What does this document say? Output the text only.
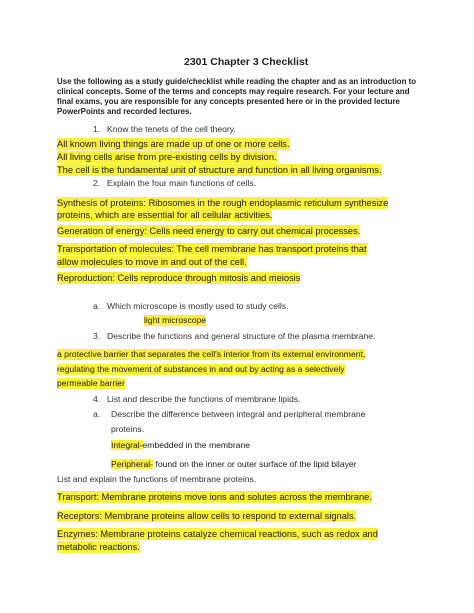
2301 Chapter 3 Checklist
Use the following as a study guide/checklist while reading the chapter and as an introduction to
clinical concepts. Some of the terms and concepts may require research. For your lecture and
final exams, you are responsible for any concepts presented here or in the provided lecture
PowerPoints and recorded lectures.
1. Know the tenets of the cell theory.
All known living things are made up of one or more cells.
All living cells arise from pre-existing cells by division.
The cell is the fundamental unit of structure and function in all living organisms.
2. Explain the four main functions of cells.
Synthesis of proteins: Ribosomes in the rough endoplasmic reticulum synthesize
proteins, which are essential for all cellular activities.
Generation of energy: Cells need energy to carry out chemical processes.
Transportation of molecules: The cell membrane has transport proteins that
allow molecules to move in and out of the cell.
Reproduction: Cells reproduce through mitosis and meiosis
a. Which microscope is mostly used to study cells.
light microscope
3. Describe the functions and general structure of the plasma membrane.
a protective barrier that separates the cell's interior from its external environment,
regulating the movement of substances in and out by acting as a selectively
permeable barrier
4. List and describe the functions of membrane lipids.
a. Describe the difference between integral and peripheral membrane
proteins.
Integral-embedded in the membrane
Peripheral- found on the inner or outer surface of the lipid bilayer
List and explain the functions of membrane proteins.
Transport: Membrane proteins move ions and solutes across the membrane.
Receptors: Membrane proteins allow cells to respond to external signals.
Enzymes: Membrane proteins catalyze chemical reactions, such as redox and
metabolic reactions.
